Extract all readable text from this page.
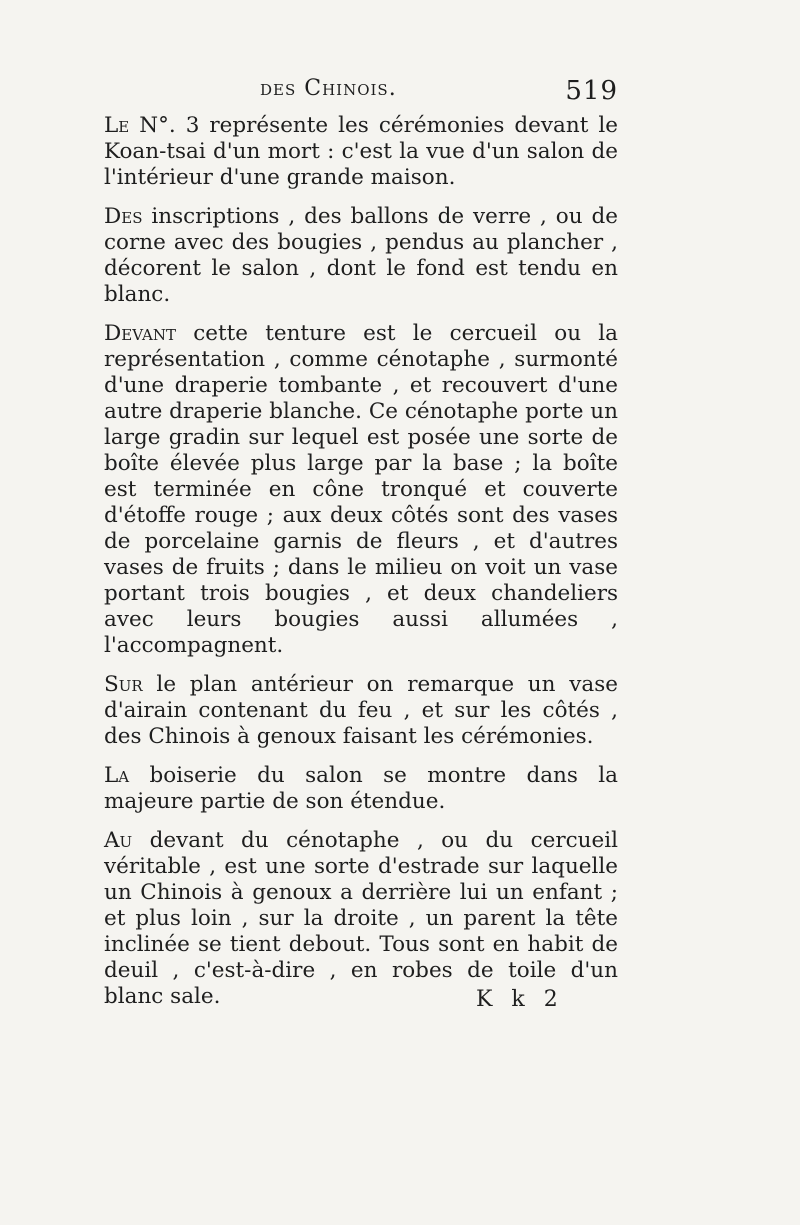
des Chinois.	519

Le N°. 3 représente les cérémonies devant le Koan-tsai d'un mort : c'est la vue d'un salon de l'intérieur d'une grande maison.

Des inscriptions , des ballons de verre , ou de corne avec des bougies , pendus au plancher , décorent le salon , dont le fond est tendu en blanc.

Devant cette tenture est le cercueil ou la représentation , comme cénotaphe , surmonté d'une draperie tombante , et recouvert d'une autre draperie blanche. Ce cénotaphe porte un large gradin sur lequel est posée une sorte de boîte élevée plus large par la base ; la boîte est terminée en cône tronqué et couverte d'étoffe rouge ; aux deux côtés sont des vases de porcelaine garnis de fleurs , et d'autres vases de fruits ; dans le milieu on voit un vase portant trois bougies , et deux chandeliers avec leurs bougies aussi allumées , l'accompagnent.

Sur le plan antérieur on remarque un vase d'airain contenant du feu , et sur les côtés , des Chinois à genoux faisant les cérémonies.

La boiserie du salon se montre dans la majeure partie de son étendue.

Au devant du cénotaphe , ou du cercueil véritable , est une sorte d'estrade sur laquelle un Chinois à genoux a derrière lui un enfant ; et plus loin , sur la droite , un parent la tête inclinée se tient debout. Tous sont en habit de deuil , c'est-à-dire , en robes de toile d'un blanc sale.	K k 2
